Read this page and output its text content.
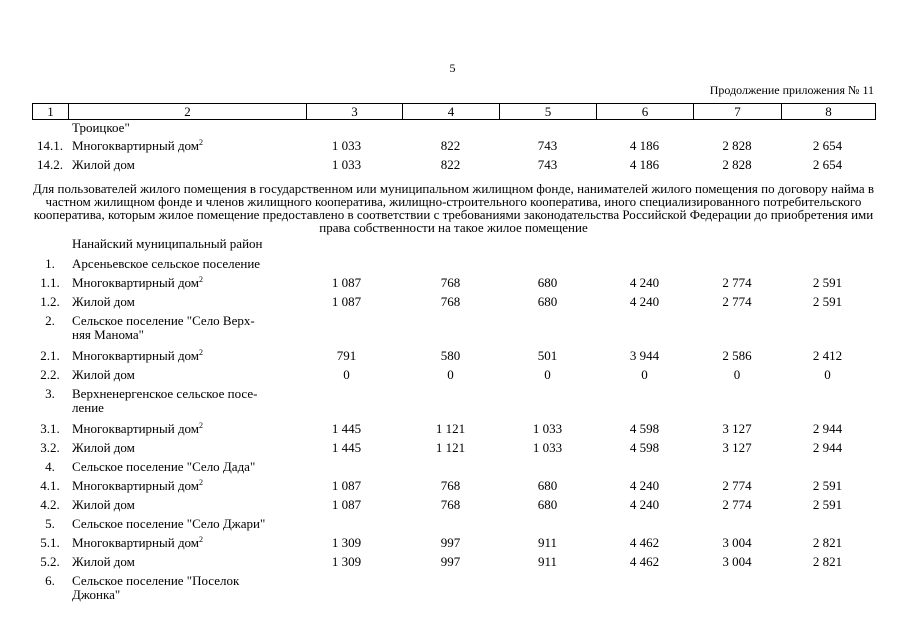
5
Продолжение приложения № 11
1	2	3	4	5	6	7	8
Троицкое"
14.1. Многоквартирный дом$^2$	1 033	822	743	4 186	2 828	2 654
14.2. Жилой дом	1 033	822	743	4 186	2 828	2 654
Для пользователей жилого помещения в государственном или муниципальном жилищном фонде, нанимателей жилого помещения по договору найма в частном жилищном фонде и членов жилищного кооператива, жилищно-строительного кооператива, иного специализированного потребительского кооператива, которым жилое помещение предоставлено в соответствии с требованиями законодательства Российской Федерации до приобретения ими права собственности на такое жилое помещение
Нанайский муниципальный район
1.	Арсеньевское сельское поселение
1.1. Многоквартирный дом$^2$	1 087	768	680	4 240	2 774	2 591
1.2. Жилой дом	1 087	768	680	4 240	2 774	2 591
2.	Сельское поселение "Село Верх-
няя Манома"
2.1. Многоквартирный дом$^2$	791	580	501	3 944	2 586	2 412
2.2. Жилой дом	0	0	0	0	0	0
3.	Верхненергенское сельское посе-
ление
3.1. Многоквартирный дом$^2$	1 445	1 121	1 033	4 598	3 127	2 944
3.2. Жилой дом	1 445	1 121	1 033	4 598	3 127	2 944
4.	Сельское поселение "Село Дада"
4.1. Многоквартирный дом$^2$	1 087	768	680	4 240	2 774	2 591
4.2. Жилой дом	1 087	768	680	4 240	2 774	2 591
5.	Сельское поселение "Село Джари"
5.1. Многоквартирный дом$^2$	1 309	997	911	4 462	3 004	2 821
5.2. Жилой дом	1 309	997	911	4 462	3 004	2 821
6.	Сельское поселение "Поселок
Джонка"
